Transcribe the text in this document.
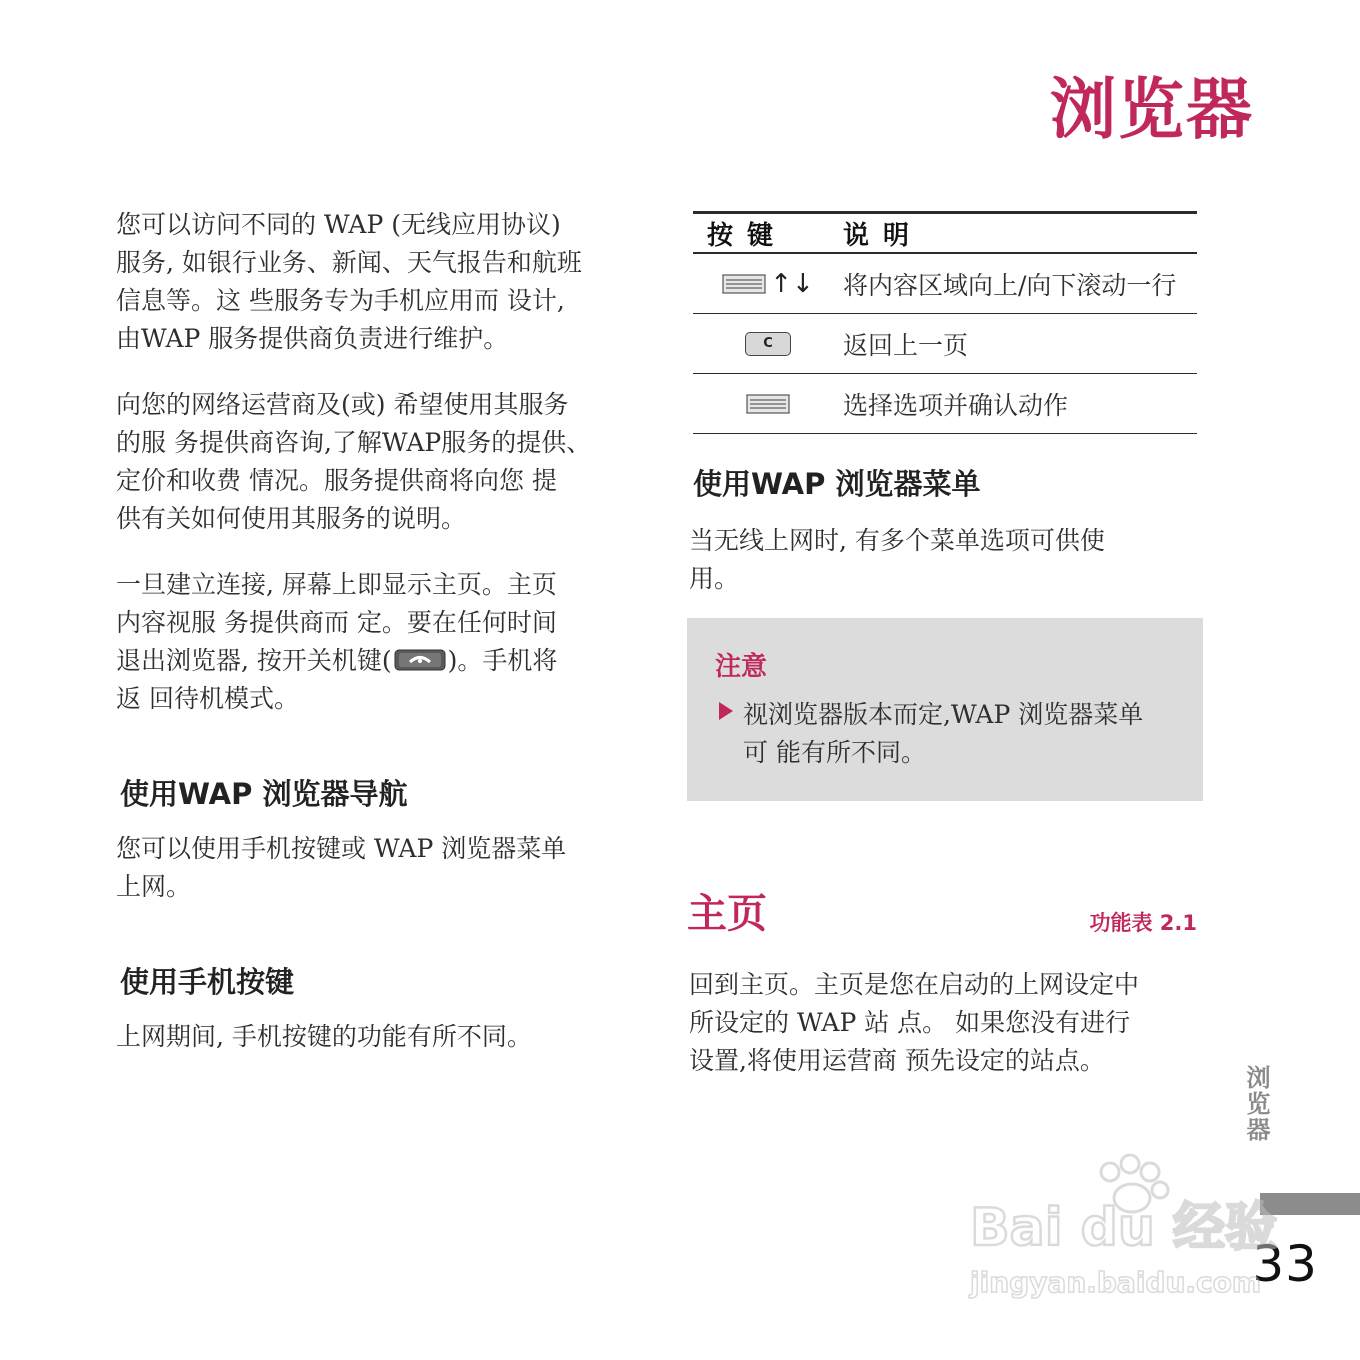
浏览器
您可以访问不同的 WAP (无线应用协议)
服务, 如银行业务、新闻、天气报告和航班
信息等。这 些服务专为手机应用而 设计,
由WAP 服务提供商负责进行维护。
向您的网络运营商及(或) 希望使用其服务
的服 务提供商咨询,了解WAP服务的提供、
定价和收费 情况。服务提供商将向您 提
供有关如何使用其服务的说明。
一旦建立连接, 屏幕上即显示主页。主页
内容视服 务提供商而 定。要在任何时间
退出浏览器, 按开关机键( )。手机将
返 回待机模式。
使用WAP 浏览器导航
您可以使用手机按键或 WAP 浏览器菜单
上网。
使用手机按键
上网期间, 手机按键的功能有所不同。
按键	说明
↑↓ 将内容区域向上/向下滚动一行
C	返回上一页
选择选项并确认动作
使用WAP 浏览器菜单
当无线上网时, 有多个菜单选项可供使
用。
注意
视浏览器版本而定,WAP 浏览器菜单
可 能有所不同。
主页	功能表 2.1
回到主页。主页是您在启动的上网设定中
所设定的 WAP 站 点。 如果您没有进行
设置,将使用运营商 预先设定的站点。
浏览器
33
Bai du 经验
jingyan.baidu.com
